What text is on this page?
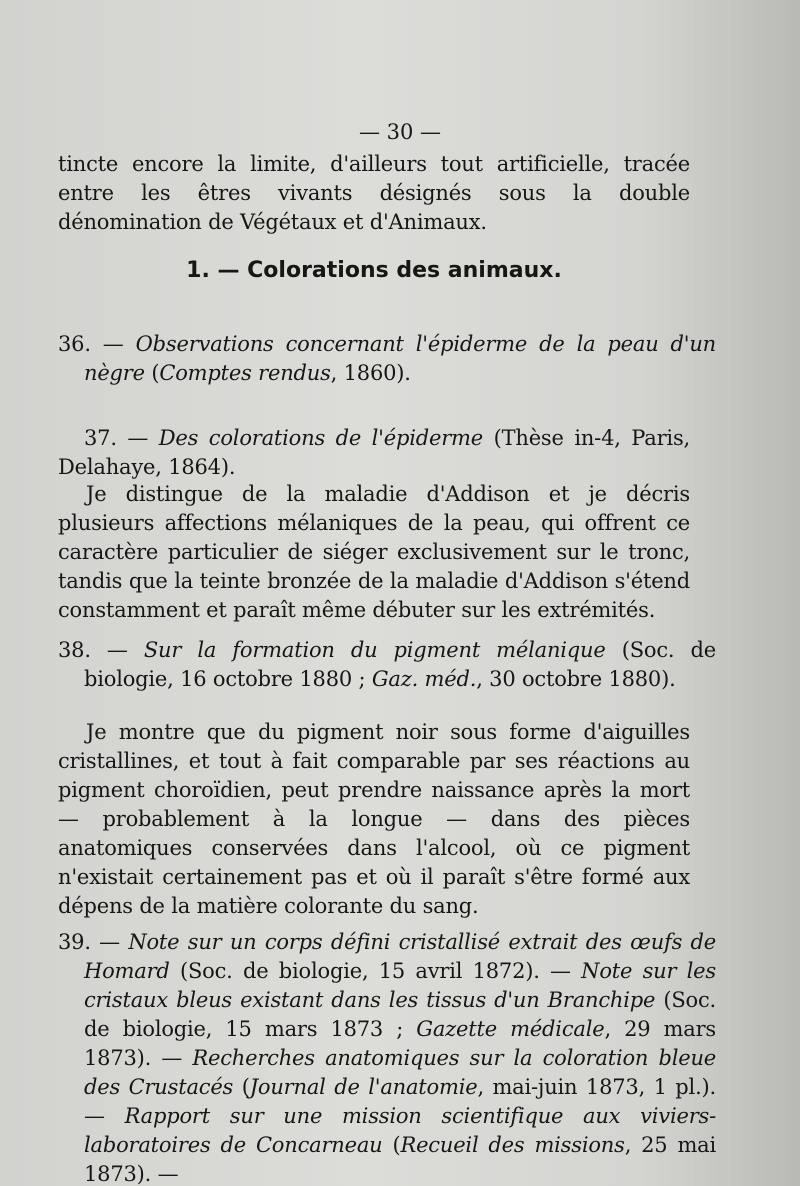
— 30 —
tincte encore la limite, d'ailleurs tout artificielle, tracée entre les êtres vivants désignés sous la double dénomination de Végétaux et d'Animaux.
1. — Colorations des animaux.
36. — Observations concernant l'épiderme de la peau d'un nègre (Comptes rendus, 1860).
37. — Des colorations de l'épiderme (Thèse in-4, Paris, Delahaye, 1864).
Je distingue de la maladie d'Addison et je décris plusieurs affections mélaniques de la peau, qui offrent ce caractère particulier de siéger exclusivement sur le tronc, tandis que la teinte bronzée de la maladie d'Addison s'étend constamment et paraît même débuter sur les extrémités.
38. — Sur la formation du pigment mélanique (Soc. de biologie, 16 octobre 1880 ; Gaz. méd., 30 octobre 1880).
Je montre que du pigment noir sous forme d'aiguilles cristallines, et tout à fait comparable par ses réactions au pigment choroïdien, peut prendre naissance après la mort — probablement à la longue — dans des pièces anatomiques conservées dans l'alcool, où ce pigment n'existait certainement pas et où il paraît s'être formé aux dépens de la matière colorante du sang.
39. — Note sur un corps défini cristallisé extrait des œufs de Homard (Soc. de biologie, 15 avril 1872). — Note sur les cristaux bleus existant dans les tissus d'un Branchipe (Soc. de biologie, 15 mars 1873 ; Gazette médicale, 29 mars 1873). — Recherches anatomiques sur la coloration bleue des Crustacés (Journal de l'anatomie, mai-juin 1873, 1 pl.). — Rapport sur une mission scientifique aux viviers-laboratoires de Concarneau (Recueil des missions, 25 mai 1873). —
